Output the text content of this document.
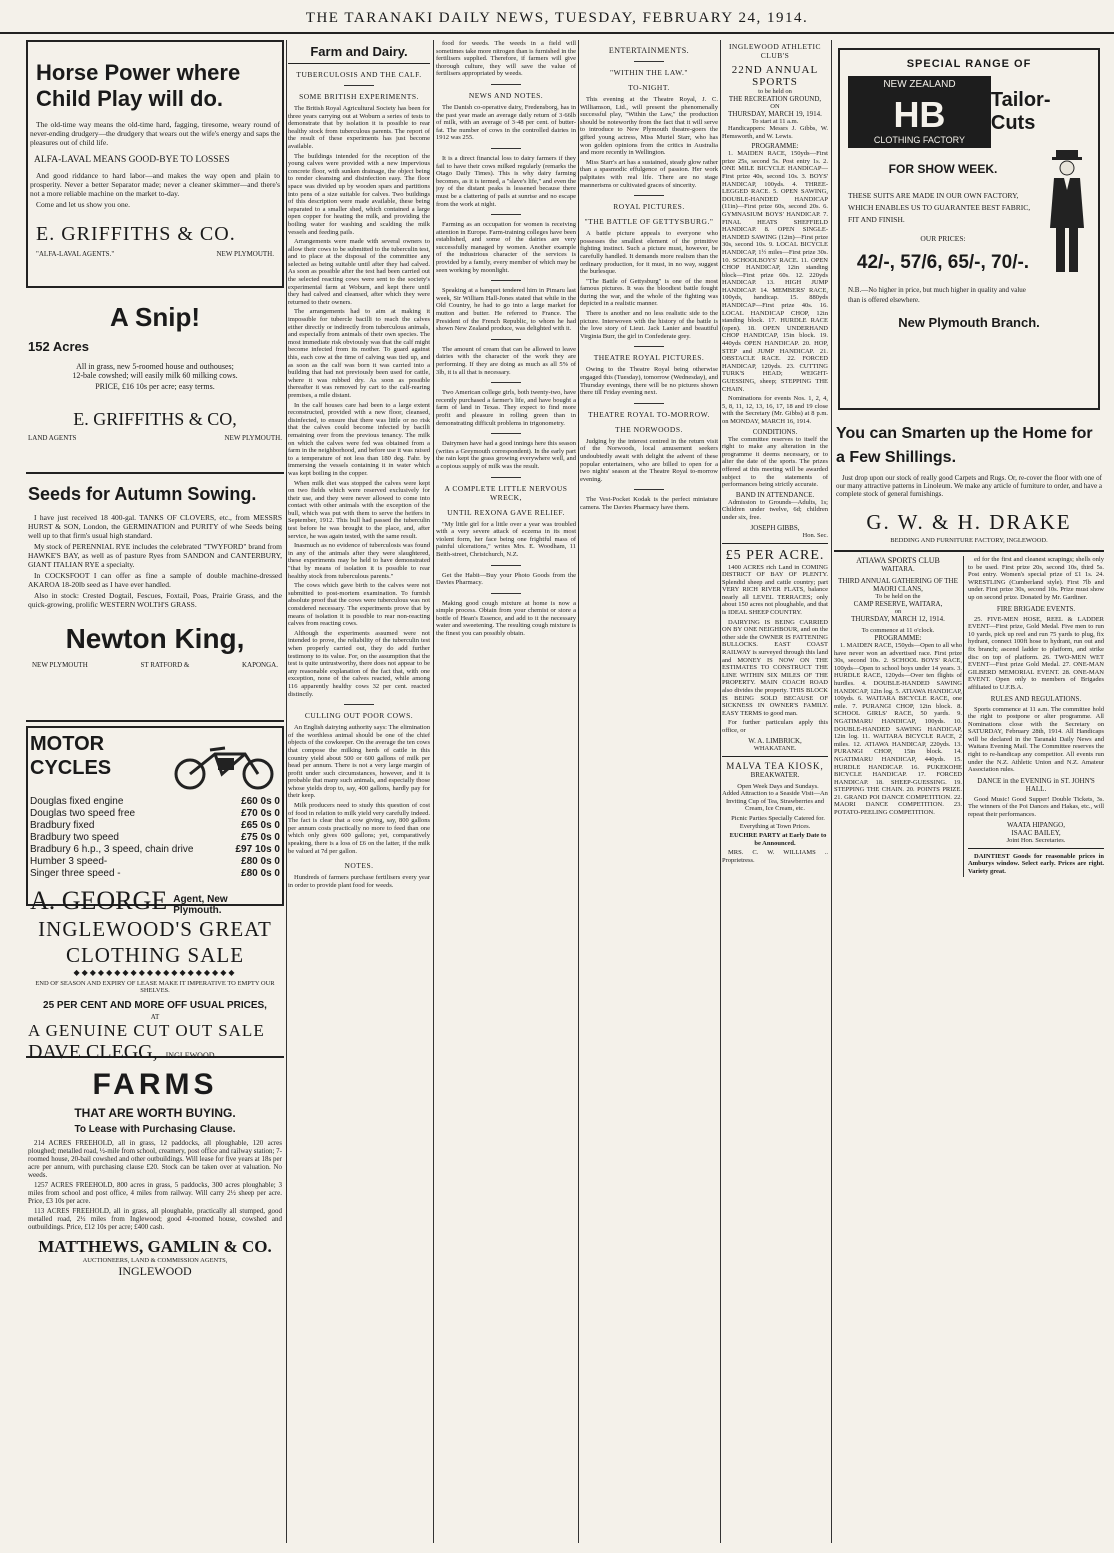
THE TARANAKI DAILY NEWS, TUESDAY, FEBRUARY 24, 1914.
Horse Power where Child Play will do.

The old-time way means the old-time hard, fagging, tiresome, weary round of never-ending drudgery—the drudgery that wears out the wife's energy and saps the pleasures out of child life.

ALFA-LAVAL MEANS GOOD-BYE TO LOSSES

And good riddance to hard labor—and makes the way open and plain to prosperity. Never a better Separator made; never a cleaner skimmer—and there's not a more reliable machine on the market to-day.

Come and let us show you one.

E. GRIFFITHS & CO.
"ALFA-LAVAL AGENTS."	NEW PLYMOUTH.
A Snip!
152 Acres
All in grass, new 5-roomed house and outhouses;
12-bale cowshed; will easily milk 60 milking cows.
PRICE, £16 10s per acre; easy terms.
E. GRIFFITHS & CO,
LAND AGENTS	NEW PLYMOUTH.
Seeds for Autumn Sowing.

I have just received 18 400-gal. TANKS OF CLOVERS, etc., from MESSRS HURST & SON, London, the GERMINATION and PURITY of whe Seeds being well up to that firm's usual high standard.

My stock of PERENNIAL RYE includes the celebrated "TWYFORD" brand from HAWKE'S BAY, as well as of pasture Ryes from SANDON and CANTERBURY, GIANT ITALIAN RYE a specialty.

In COCKSFOOT I can offer as fine a sample of double machine-dressed AKAROA 18-20lb seed as I have ever handled.

Also in stock: Crested Dogtail, Fescues, Foxtail, Poas, Prairie Grass, and the quick-growing, prolific WESTERN WOLTH'S GRASS.

Newton King,
NEW PLYMOUTH	ST RATFORD &	KAPONGA.
MOTOR CYCLES
Douglas fixed engine	£60 0s 0
Douglas two speed free	£70 0s 0
Bradbury fixed	£65 0s 0
Bradbury two speed	£75 0s 0
Bradbury 6 h.p., 3 speed, chain drive	£97 10s 0
Humber 3 speed-	£80 0s 0
Singer three speed -	£80 0s 0
A. GEORGE Agent, New Plymouth.
INGLEWOOD'S GREAT CLOTHING SALE
◆◆◆◆◆◆◆◆◆◆◆◆◆◆◆◆◆◆◆◆
END OF SEASON AND EXPIRY OF LEASE MAKE IT IMPERATIVE TO EMPTY OUR SHELVES.
25 PER CENT AND MORE OFF USUAL PRICES,
AT
A GENUINE CUT OUT SALE
DAVE CLEGG, INGLEWOOD.
FARMS
THAT ARE WORTH BUYING.
To Lease with Purchasing Clause.

214 ACRES FREEHOLD, all in grass, 12 paddocks, all ploughable, 120 acres ploughed; metalled road, ½-mile from school, creamery, post office and railway station; 7-roomed house, 20-bail cowshed and other outbuildings. Will lease for five years at 18s per acre per annum, with purchasing clause £20. Stock can be taken over at valuation. No weeds.

1257 ACRES FREEHOLD, 800 acres in grass, 5 paddocks, 300 acres ploughable; 3 miles from school and post office, 4 miles from railway. Will carry 2½ sheep per acre. Price, £3 10s per acre.

113 ACRES FREEHOLD, all in grass, all ploughable, practically all stumped, good metalled road, 2½ miles from Inglewood; good 4-roomed house, cowshed and outbuildings. Price, £12 10s per acre; £400 cash.

MATTHEWS, GAMLIN & CO.
AUCTIONEERS, LAND & COMMISSION AGENTS,
INGLEWOOD
Farm and Dairy.
TUBERCULOSIS AND THE CALF.
SOME BRITISH EXPERIMENTS.

The British Royal Agricultural Society has been for three years carrying out at Woburn a series of tests to demonstrate that by isolation it is possible to rear healthy stock from tuberculous parents. The report of the result of these experiments has just become available.

The buildings intended for the reception of the young calves were provided with a new impervious concrete floor, with sunken drainage, the object being to render cleansing and disinfection easy. The floor space was divided up by wooden spars and partitions into pens of a size suitable for calves. Two buildings of this description were made available, these being separated to a smaller shed, which contained a large open copper for heating the milk, and providing the boiling water for washing and scalding the milk vessels and feeding pails.

Arrangements were made with several owners to allow their cows to be submitted to the tuberculin test, and to place at the disposal of the committee any selected as being suitable until after they had calved. As soon as possible after the test had been carried out the selected reacting cows were sent to the society's experimental farm at Woburn, and kept there until they had calved and cleansed, after which they were returned to their owners.

The arrangements had to aim at making it impossible for tubercle bacilli to reach the calves either directly or indirectly from tuberculous animals, and especially from animals of their own species. The most immediate risk obviously was that the calf might become infected from its mother. To guard against this, each cow at the time of calving was tied up, and as soon as the calf was born it was carried into a building that had not previously been used for cattle, where it was rubbed dry. As soon as possible thereafter it was removed by cart to the calf-rearing premises, a mile distant.

In the calf houses care had been to a large extent reconstructed, provided with a new floor, cleansed, disinfected, to ensure that there was little or no risk that the calves could become infected by bacilli remaining over from the previous tenancy. The milk on which the calves were fed was obtained from a farm in the neighborhood, and before use it was raised to a temperature of not less than 180 deg. Fahr. by immersing the vessels containing it in water which was kept boiling in the copper.

When milk diet was stopped the calves were kept on two fields which were reserved exclusively for their use, and they were never allowed to come into contact with other animals with the exception of the bull, which was put with them to serve the heifers in September, 1912. This bull had passed the tuberculin test before he was brought to the place, and, after service, he was again tested, with the same result.

Inasmuch as no evidence of tuberculosis was found in any of the animals after they were slaughtered, these experiments may be held to have demonstrated "that by means of isolation it is possible to rear healthy stock from tuberculous parents."

The cows which gave birth to the calves were not submitted to post-mortem examination. To furnish absolute proof that the cows were tuberculous was not considered necessary. The experiments prove that by means of isolation it is possible to rear non-reacting calves from reacting cows.

Although the experiments assumed were not intended to prove, the reliability of the tuberculin test when properly carried out, they do add further testimony to its value. For, on the assumption that the test is quite untrustworthy, there does not appear to be any reasonable explanation of the fact that, with one exception, none of the calves reacted, while among 116 apparently healthy cows 32 per cent. reacted distinctly.

CULLING OUT POOR COWS.

An English dairying authority says: The elimination of the worthless animal should be one of the chief objects of the cowkeeper. On the average the ten cows that compose the milking herds of cattle in this country yield about 500 or 600 gallons of milk per head per annum. There is not a very large margin of profit under such circumstances, however, and it is probable that many such animals, and especially those whose yields drop to, say, 400 gallons, hardly pay for their keep.

Milk producers need to study this question of cost of food in relation to milk yield very carefully indeed. The fact is clear that a cow giving, say, 800 gallons per annum costs practically no more to feed than one which only gives 600 gallons; yet, comparatively speaking, there is a loss of £6 on the latter, if the milk be valued at 7d per gallon.

NOTES.

Hundreds of farmers purchase fertilisers every year in order to provide plant food for weeds.

food for weeds. The weeds in a field will sometimes take more nitrogen than is furnished in the fertilisers supplied. Therefore, if farmers will give thorough culture, they will save the value of fertilisers appropriated by weeds.

NEWS AND NOTES.

The Danish co-operative dairy, Fredensborg, has in the past year made an average daily return of 3·66lb of milk, with an average of 3·48 per cent. of butter-fat. The number of cows in the controlled dairies in 1912 was 255.

It is a direct financial loss to dairy farmers if they fail to have their cows milked regularly (remarks the Otago Daily Times). This is why dairy farming becomes, as it is termed, a "slave's life," and even the joy of the distant peaks is lessened because there must be a clattering of pails at sunrise and no escape from the work at night.

Farming as an occupation for women is receiving attention in Europe. Farm-training colleges have been established, and some of the dairies are very successfully managed by women. Another example of the industrious character of the services is provided by a family, every member of which may be seen working by moonlight.

Speaking at a banquet tendered him in Pimaru last week, Sir William Hall-Jones stated that while in the Old Country, he had to go into a large market for mutton and butter. He referred to France. The President of the French Republic, to whom he had shown New Zealand produce, was delighted with it.

The amount of cream that can be allowed to leave dairies with the character of the work they are performing. If they are doing as much as all 5% of 3lb, it is all that is necessary.

Two American college girls, both twenty-two, have recently purchased a farmer's life, and have bought a farm of land in Texas. They expect to find more profit and pleasure in rolling green than in demonstrating difficult problems in trigonometry.

Dairymen have had a good innings here this season (writes a Greymouth correspondent). In the early part the rain kept the grass growing everywhere well, and a copious supply of milk was the result.

A COMPLETE LITTLE NERVOUS WRECK,
UNTIL REXONA GAVE RELIEF.

"My little girl for a little over a year was troubled with a very severe attack of eczema in its most violent form, her face being one frightful mass of painful ulcerations," writes Mrs. E. Woodham, 11 Beith-street, Christchurch, N.Z.

Get the Habit—Buy your Photo Goods from the Davies Pharmacy.

Making good cough mixture at home is now a simple process. Obtain from your chemist or store a bottle of Hean's Essence, and add to it the necessary water and sweetening. The resulting cough mixture is the finest you can possibly obtain.

ENTERTAINMENTS.
"WITHIN THE LAW."
TO-NIGHT.

This evening at the Theatre Royal, J. C. Williamson, Ltd., will present the phenomenally successful play, "Within the Law," the production should be noteworthy from the fact that it will serve to introduce to New Plymouth theatre-goers the gifted young actress, Miss Muriel Starr, who has won golden opinions from the critics in Australia and more recently in Wellington.

Miss Starr's art has a sustained, steady glow rather than a spasmodic effulgence of passion. Her work palpitates with real life. There are no stage mannerisms or cultivated graces of sincerity.

ROYAL PICTURES.
"THE BATTLE OF GETTYSBURG."

A battle picture appeals to everyone who possesses the smallest element of the primitive fighting instinct. Such a picture must, however, be carefully handled. It demands more realism than the ordinary production, for it must, in no way, suggest the burlesque.

"The Battle of Gettysburg" is one of the most famous pictures. It was the bloodiest battle fought during the war, and the whole of the fighting was depicted in a realistic manner.

There is another and no less realistic side to the picture. Interwoven with the history of the battle is the love story of Lieut. Jack Lanier and beautiful Virginia Burr, the girl in Confederate grey.

THEATRE ROYAL PICTURES.

Owing to the Theatre Royal being otherwise engaged this (Tuesday), tomorrow (Wednesday), and Thursday evenings, there will be no pictures shown there till Friday evening next.

THEATRE ROYAL TO-MORROW.
THE NORWOODS.

Judging by the interest centred in the return visit of the Norwoods, local amusement seekers undoubtedly await with delight the advent of these popular entertainers, who are billed to open for a two nights' season at the Theatre Royal to-morrow evening.

The Vest-Pocket Kodak is the perfect miniature camera. The Davies Pharmacy have them.

INGLEWOOD ATHLETIC CLUB'S
22ND ANNUAL SPORTS
to be held on
THE RECREATION GROUND,
ON
THURSDAY, MARCH 19, 1914.
To start at 11 a.m.

Handicappers: Messrs J. Gibbs, W. Hemsworth, and W. Lewis.

PROGRAMME:

1. MAIDEN RACE, 150yds—First prize 25s, second 5s. Post entry 1s. 2. ONE MILE BICYCLE HANDICAP—First prize 40s, second 10s. 3. BOYS' HANDICAP, 100yds. 4. THREE-LEGGED RACE. 5. OPEN SAWING, DOUBLE-HANDED HANDICAP (11in)—First prize 60s, second 20s. 6. GYMNASIUM BOYS' HANDICAP. 7. FINAL HEATS SHEFFIELD HANDICAP. 8. OPEN SINGLE-HANDED SAWING (12in)—First prize 30s, second 10s. 9. LOCAL BICYCLE HANDICAP, 1½ miles—First prize 30s. 10. SCHOOLBOYS' RACE. 11. OPEN CHOP HANDICAP, 12in standing block—First prize 60s. 12. 220yds HANDICAP. 13. HIGH JUMP HANDICAP. 14. MEMBERS' RACE, 100yds, handicap. 15. 880yds HANDICAP—First prize 40s. 16. LOCAL HANDICAP CHOP, 12in standing block. 17. HURDLE RACE (open). 18. OPEN UNDERHAND CHOP HANDICAP, 15in block. 19. 440yds OPEN HANDICAP. 20. HOP, STEP and JUMP HANDICAP. 21. OBSTACLE RACE. 22. FORCED HANDICAP, 120yds. 23. CUTTING TURK'S HEAD; WEIGHT-GUESSING, sheep; STEPPING THE CHAIN.

Nominations for events Nos. 1, 2, 4, 5, 8, 11, 12, 13, 16, 17, 18 and 19 close with the Secretary (Mr. Gibbs) at 8 p.m. on MONDAY, MARCH 16, 1914.

CONDITIONS.

The committee reserves to itself the right to make any alteration in the programme it deems necessary, or to alter the date of the sports. The prizes offered at this meeting will be awarded subject to the statements of performances being strictly accurate.

BAND IN ATTENDANCE.

Admission to Grounds—Adults, 1s; Children under twelve, 6d; children under six, free.

JOSEPH GIBBS,
Hon. Sec.
£5 PER ACRE.

1400 ACRES rich Land in COMING DISTRICT OF BAY OF PLENTY. Splendid sheep and cattle country; part VERY RICH RIVER FLATS, balance nearly all LEVEL TERRACES; only about 150 acres not ploughable, and that is IDEAL SHEEP COUNTRY.

DAIRYING IS BEING CARRIED ON BY ONE NEIGHBOUR, and on the other side the OWNER IS FATTENING BULLOCKS. EAST COAST RAILWAY is surveyed through this land and MONEY IS NOW ON THE ESTIMATES TO CONSTRUCT THE LINE WITHIN SIX MILES OF THE PROPERTY. MAIN COACH ROAD also divides the property. THIS BLOCK IS BEING SOLD BECAUSE OF SICKNESS IN OWNER'S FAMILY. EASY TERMS to good man.

For further particulars apply this office, or

W. A. LIMBRICK,
WHAKATANE.
MALVA TEA KIOSK,
BREAKWATER.

Open Week Days and Sundays. Added Attraction to a Seaside Visit—An Inviting Cup of Tea, Strawberries and Cream, Ice Cream, etc.

Picnic Parties Specially Catered for. Everything at Town Prices.

EUCHRE PARTY at Early Date to be Announced.

MRS. C. W. WILLIAMS .. Proprietress.

SPECIAL RANGE OF
NEW ZEALAND
HB
CLOTHING FACTORY
Tailor-Cuts
FOR SHOW WEEK.
THESE SUITS ARE MADE IN OUR OWN FACTORY, WHICH ENABLES US TO GUARANTEE BEST FABRIC, FIT AND FINISH.
OUR PRICES:
42/-, 57/6, 65/-, 70/-.
N.B.—No higher in price, but much higher in quality and value than is offered elsewhere.
New Plymouth Branch.
You can Smarten up the Home for a Few Shillings.

Just drop upon our stock of really good Carpets and Rugs. Or, re-cover the floor with one of our many attractive patterns in Linoleum. We make any article of furniture to order, and have a complete stock of general furnishings.

G. W. & H. DRAKE
BEDDING AND FURNITURE FACTORY, INGLEWOOD.
ATIAWA SPORTS CLUB
WAITARA.
THIRD ANNUAL GATHERING OF THE MAORI CLANS,
To be held on the
CAMP RESERVE, WAITARA,
on
THURSDAY, MARCH 12, 1914.
To commence at 11 o'clock.
PROGRAMME:

1. MAIDEN RACE, 150yds—Open to all who have never won an advertised race. First prize 30s, second 10s. 2. SCHOOL BOYS' RACE, 100yds—Open to school boys under 14 years. 3. HURDLE RACE, 120yds—Over ten flights of hurdles. 4. DOUBLE-HANDED SAWING HANDICAP, 12in log. 5. ATIAWA HANDICAP, 100yds. 6. WAITARA BICYCLE RACE, one mile. 7. PURANGI CHOP, 12in block. 8. SCHOOL GIRLS' RACE, 50 yards. 9. NGATIMARU HANDICAP, 100yds. 10. DOUBLE-HANDED SAWING HANDICAP, 12in log. 11. WAITARA BICYCLE RACE, 2 miles. 12. ATIAWA HANDICAP, 220yds. 13. PURANGI CHOP, 15in block. 14. NGATIMARU HANDICAP, 440yds. 15. HURDLE HANDICAP. 16. PUKEKOHE BICYCLE HANDICAP. 17. FORCED HANDICAP. 18. SHEEP-GUESSING. 19. STEPPING THE CHAIN. 20. POINTS PRIZE. 21. GRAND POI DANCE COMPETITION. 22. MAORI DANCE COMPETITION. 23. POTATO-PEELING COMPETITION.

ed for the first and cleanest scrapings; shells only to be used. First prize 20s, second 10s, third 5s. Post entry. Women's special prize of £1 1s. 24. WRESTLING (Cumberland style). First 7lb and under. First prize 30s, second 10s. Prize must show up on second prize. Donated by Mr. Gardiner.

FIRE BRIGADE EVENTS.

25. FIVE-MEN HOSE, REEL & LADDER EVENT—First prize, Gold Medal. Five men to run 10 yards, pick up reel and run 75 yards to plug, fix hydrant, connect 100ft hose to hydrant, run out and fix branch; ascend ladder to platform, and strike disc on top of platform. 26. TWO-MEN WET EVENT—First prize Gold Medal. 27. ONE-MAN GILBERD MEMORIAL EVENT. 28. ONE-MAN EVENT. Open only to members of Brigades affiliated to U.F.B.A.

RULES AND REGULATIONS.

Sports commence at 11 a.m. The committee hold the right to postpone or alter programme. All Nominations close with the Secretary on SATURDAY, February 28th, 1914. All Handicaps will be declared in the Taranaki Daily News and Waitara Evening Mail. The Committee reserves the right to re-handicap any competitor. All events run under the N.Z. Athletic Union and N.Z. Amateur Association rules.

DANCE in the EVENING in ST. JOHN'S HALL.

Good Music! Good Supper! Double Tickets, 3s. The winners of the Poi Dances and Hakas, etc., will repeat their performances.

WAATA HIPANGO,
ISAAC BAILEY,
Joint Hon. Secretaries.

DAINTIEST Goods for reasonable prices in Amburys window. Select early. Prices are right. Variety great.
